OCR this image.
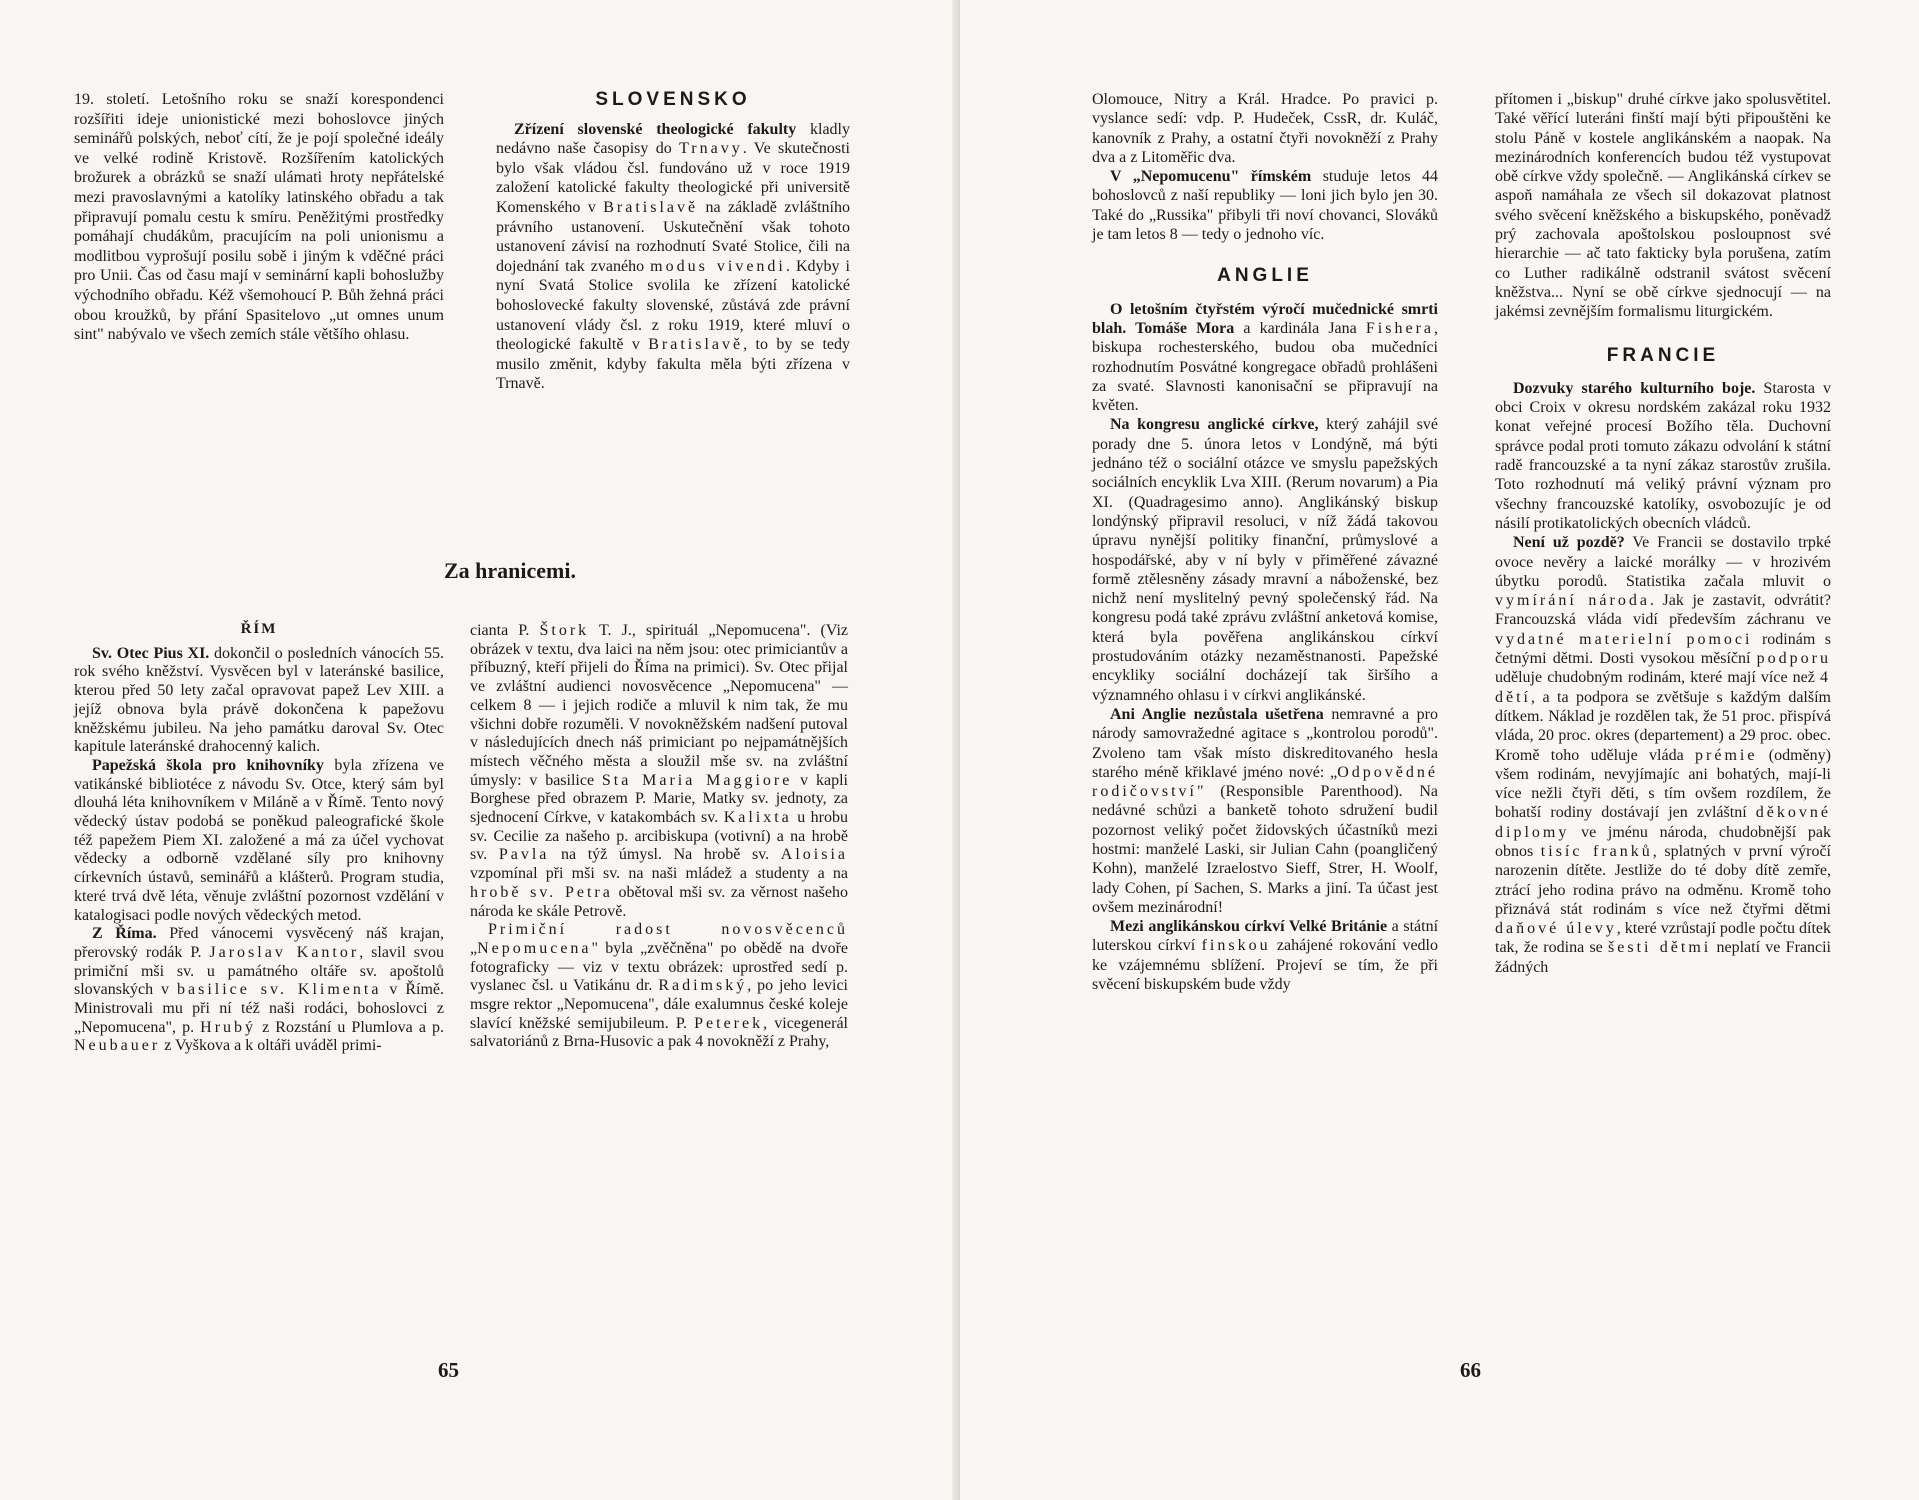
19. století. Letošního roku se snaží korespondenci rozšířiti ideje unionistické mezi bohoslovce jiných seminářů polských, neboť cítí, že je pojí společné ideály ve velké rodině Kristově. Rozšířením katolických brožurek a obrázků se snaží ulámati hroty nepřátelské mezi pravoslavnými a katolíky latinského obřadu a tak připravují pomalu cestu k smíru. Peněžitými prostředky pomáhají chudákům, pracujícím na poli unionismu a modlitbou vyprošují posilu sobě i jiným k vděčné práci pro Unii. Čas od času mají v seminární kapli bohoslužby východního obřadu. Kéž všemohoucí P. Bůh žehná práci obou kroužků, by přání Spasitelovo „ut omnes unum sint" nabývalo ve všech zemích stále většího ohlasu.

SLOVENSKO

Zřízení slovenské theologické fakulty kladly nedávno naše časopisy do Trnavy. Ve skutečnosti bylo však vládou čsl. fundováno už v roce 1919 založení katolické fakulty theologické při universitě Komenského v Bratislavě na základě zvláštního právního ustanovení. Uskutečnění však tohoto ustanovení závisí na rozhodnutí Svaté Stolice, čili na dojednání tak zvaného modus vivendi. Kdyby i nyní Svatá Stolice svolila ke zřízení katolické bohoslovecké fakulty slovenské, zůstává zde právní ustanovení vlády čsl. z roku 1919, které mluví o theologické fakultě v Bratislavě, to by se tedy musilo změnit, kdyby fakulta měla býti zřízena v Trnavě.

Za hranicemi.
ŘÍM

Sv. Otec Pius XI. dokončil o posledních vánocích 55. rok svého kněžství. Vysvěcen byl v lateránské basilice, kterou před 50 lety začal opravovat papež Lev XIII. a jejíž obnova byla právě dokončena k papežovu kněžskému jubileu. Na jeho památku daroval Sv. Otec kapitule lateránské drahocenný kalich.

Papežská škola pro knihovníky byla zřízena ve vatikánské bibliotéce z návodu Sv. Otce, který sám byl dlouhá léta knihovníkem v Miláně a v Římě. Tento nový vědecký ústav podobá se poněkud paleografické škole též papežem Piem XI. založené a má za účel vychovat vědecky a odborně vzdělané síly pro knihovny církevních ústavů, seminářů a klášterů. Program studia, které trvá dvě léta, věnuje zvláštní pozornost vzdělání v katalogisaci podle nových vědeckých metod.

Z Říma. Před vánocemi vysvěcený náš krajan, přerovský rodák P. Jaroslav Kantor, slavil svou primiční mši sv. u památného oltáře sv. apoštolů slovanských v basilice sv. Klimenta v Římě. Ministrovali mu při ní též naši rodáci, bohoslovci z „Nepomucena", p. Hrubý z Rozstání u Plumlova a p. Neubauer z Vyškova a k oltáři uváděl primi-

cianta P. Štork T. J., spirituál „Nepomucena". (Viz obrázek v textu, dva laici na něm jsou: otec primiciantův a příbuzný, kteří přijeli do Říma na primici). Sv. Otec přijal ve zvláštní audienci novosvěcence „Nepomucena" — celkem 8 — i jejich rodiče a mluvil k nim tak, že mu všichni dobře rozuměli. V novokněžském nadšení putoval v následujících dnech náš primiciant po nejpamátnějších místech věčného města a sloužil mše sv. na zvláštní úmysly: v basilice Sta Maria Maggiore v kapli Borghese před obrazem P. Marie, Matky sv. jednoty, za sjednocení Církve, v katakombách sv. Kalixta u hrobu sv. Cecilie za našeho p. arcibiskupa (votivní) a na hrobě sv. Pavla na týž úmysl. Na hrobě sv. Aloisia vzpomínal při mši sv. na naši mládež a studenty a na hrobě sv. Petra obětoval mši sv. za věrnost našeho národa ke skále Petrově.

Primiční radost novosvěcenců „Nepomucena" byla „zvěčněna" po obědě na dvoře fotograficky — viz v textu obrázek: uprostřed sedí p. vyslanec čsl. u Vatikánu dr. Radimský, po jeho levici msgre rektor „Nepomucena", dále exalumnus české koleje slavící kněžské semijubileum. P. Peterek, vicegenerál salvatoriánů z Brna-Husovic a pak 4 novokněží z Prahy,

65

Olomouce, Nitry a Král. Hradce. Po pravici p. vyslance sedí: vdp. P. Hudeček, CssR, dr. Kuláč, kanovník z Prahy, a ostatní čtyři novokněží z Prahy dva a z Litoměřic dva.

V „Nepomucenu" římském studuje letos 44 bohoslovců z naší republiky — loni jich bylo jen 30. Také do „Russika" přibyli tři noví chovanci, Slováků je tam letos 8 — tedy o jednoho víc.

ANGLIE

O letošním čtyřstém výročí mučednické smrti blah. Tomáše Mora a kardinála Jana Fishera, biskupa rochesterského, budou oba mučedníci rozhodnutím Posvátné kongregace obřadů prohlášeni za svaté. Slavnosti kanonisační se připravují na květen.

Na kongresu anglické církve, který zahájil své porady dne 5. února letos v Londýně, má býti jednáno též o sociální otázce ve smyslu papežských sociálních encyklik Lva XIII. (Rerum novarum) a Pia XI. (Quadragesimo anno). Anglikánský biskup londýnský připravil resoluci, v níž žádá takovou úpravu nynější politiky finanční, průmyslové a hospodářské, aby v ní byly v přiměřené závazné formě ztělesněny zásady mravní a náboženské, bez nichž není myslitelný pevný společenský řád. Na kongresu podá také zprávu zvláštní anketová komise, která byla pověřena anglikánskou církví prostudováním otázky nezaměstnanosti. Papežské encykliky sociální docházejí tak širšího a významného ohlasu i v církvi anglikánské.

Ani Anglie nezůstala ušetřena nemravné a pro národy samovražedné agitace s „kontrolou porodů". Zvoleno tam však místo diskreditovaného hesla starého méně křiklavé jméno nové: „Odpovědné rodičovství" (Responsible Parenthood). Na nedávné schůzi a banketě tohoto sdružení budil pozornost veliký počet židovských účastníků mezi hostmi: manželé Laski, sir Julian Cahn (poangličený Kohn), manželé Izraelostvo Sieff, Strer, H. Woolf, lady Cohen, pí Sachen, S. Marks a jiní. Ta účast jest ovšem mezinárodní!

Mezi anglikánskou církví Velké Británie a státní luterskou církví finskou zahájené rokování vedlo ke vzájemnému sblížení. Projeví se tím, že při svěcení biskupském bude vždy

přítomen i „biskup" druhé církve jako spolusvětitel. Také věřící luteráni finští mají býti připouštěni ke stolu Páně v kostele anglikánském a naopak. Na mezinárodních konferencích budou též vystupovat obě církve vždy společně. — Anglikánská církev se aspoň namáhala ze všech sil dokazovat platnost svého svěcení kněžského a biskupského, poněvadž prý zachovala apoštolskou posloupnost své hierarchie — ač tato fakticky byla porušena, zatím co Luther radikálně odstranil svátost svěcení kněžstva... Nyní se obě církve sjednocují — na jakémsi zevnějším formalismu liturgickém.

FRANCIE

Dozvuky starého kulturního boje. Starosta v obci Croix v okresu nordském zakázal roku 1932 konat veřejné procesí Božího těla. Duchovní správce podal proti tomuto zákazu odvolání k státní radě francouzské a ta nyní zákaz starostův zrušila. Toto rozhodnutí má veliký právní význam pro všechny francouzské katolíky, osvobozujíc je od násilí protikatolických obecních vládců.

Není už pozdě? Ve Francii se dostavilo trpké ovoce nevěry a laické morálky — v hrozivém úbytku porodů. Statistika začala mluvit o vymírání národa. Jak je zastavit, odvrátit? Francouzská vláda vidí především záchranu ve vydatné materielní pomoci rodinám s četnými dětmi. Dosti vysokou měsíční podporu uděluje chudobným rodinám, které mají více než 4 dětí, a ta podpora se zvětšuje s každým dalším dítkem. Náklad je rozdělen tak, že 51 proc. přispívá vláda, 20 proc. okres (departement) a 29 proc. obec. Kromě toho uděluje vláda prémie (odměny) všem rodinám, nevyjímajíc ani bohatých, mají-li více nežli čtyři děti, s tím ovšem rozdílem, že bohatší rodiny dostávají jen zvláštní děkovné diplomy ve jménu národa, chudobnější pak obnos tisíc franků, splatných v první výročí narozenin dítěte. Jestliže do té doby dítě zemře, ztrácí jeho rodina právo na odměnu. Kromě toho přiznává stát rodinám s více než čtyřmi dětmi daňové úlevy, které vzrůstají podle počtu dítek tak, že rodina se šesti dětmi neplatí ve Francii žádných

66
